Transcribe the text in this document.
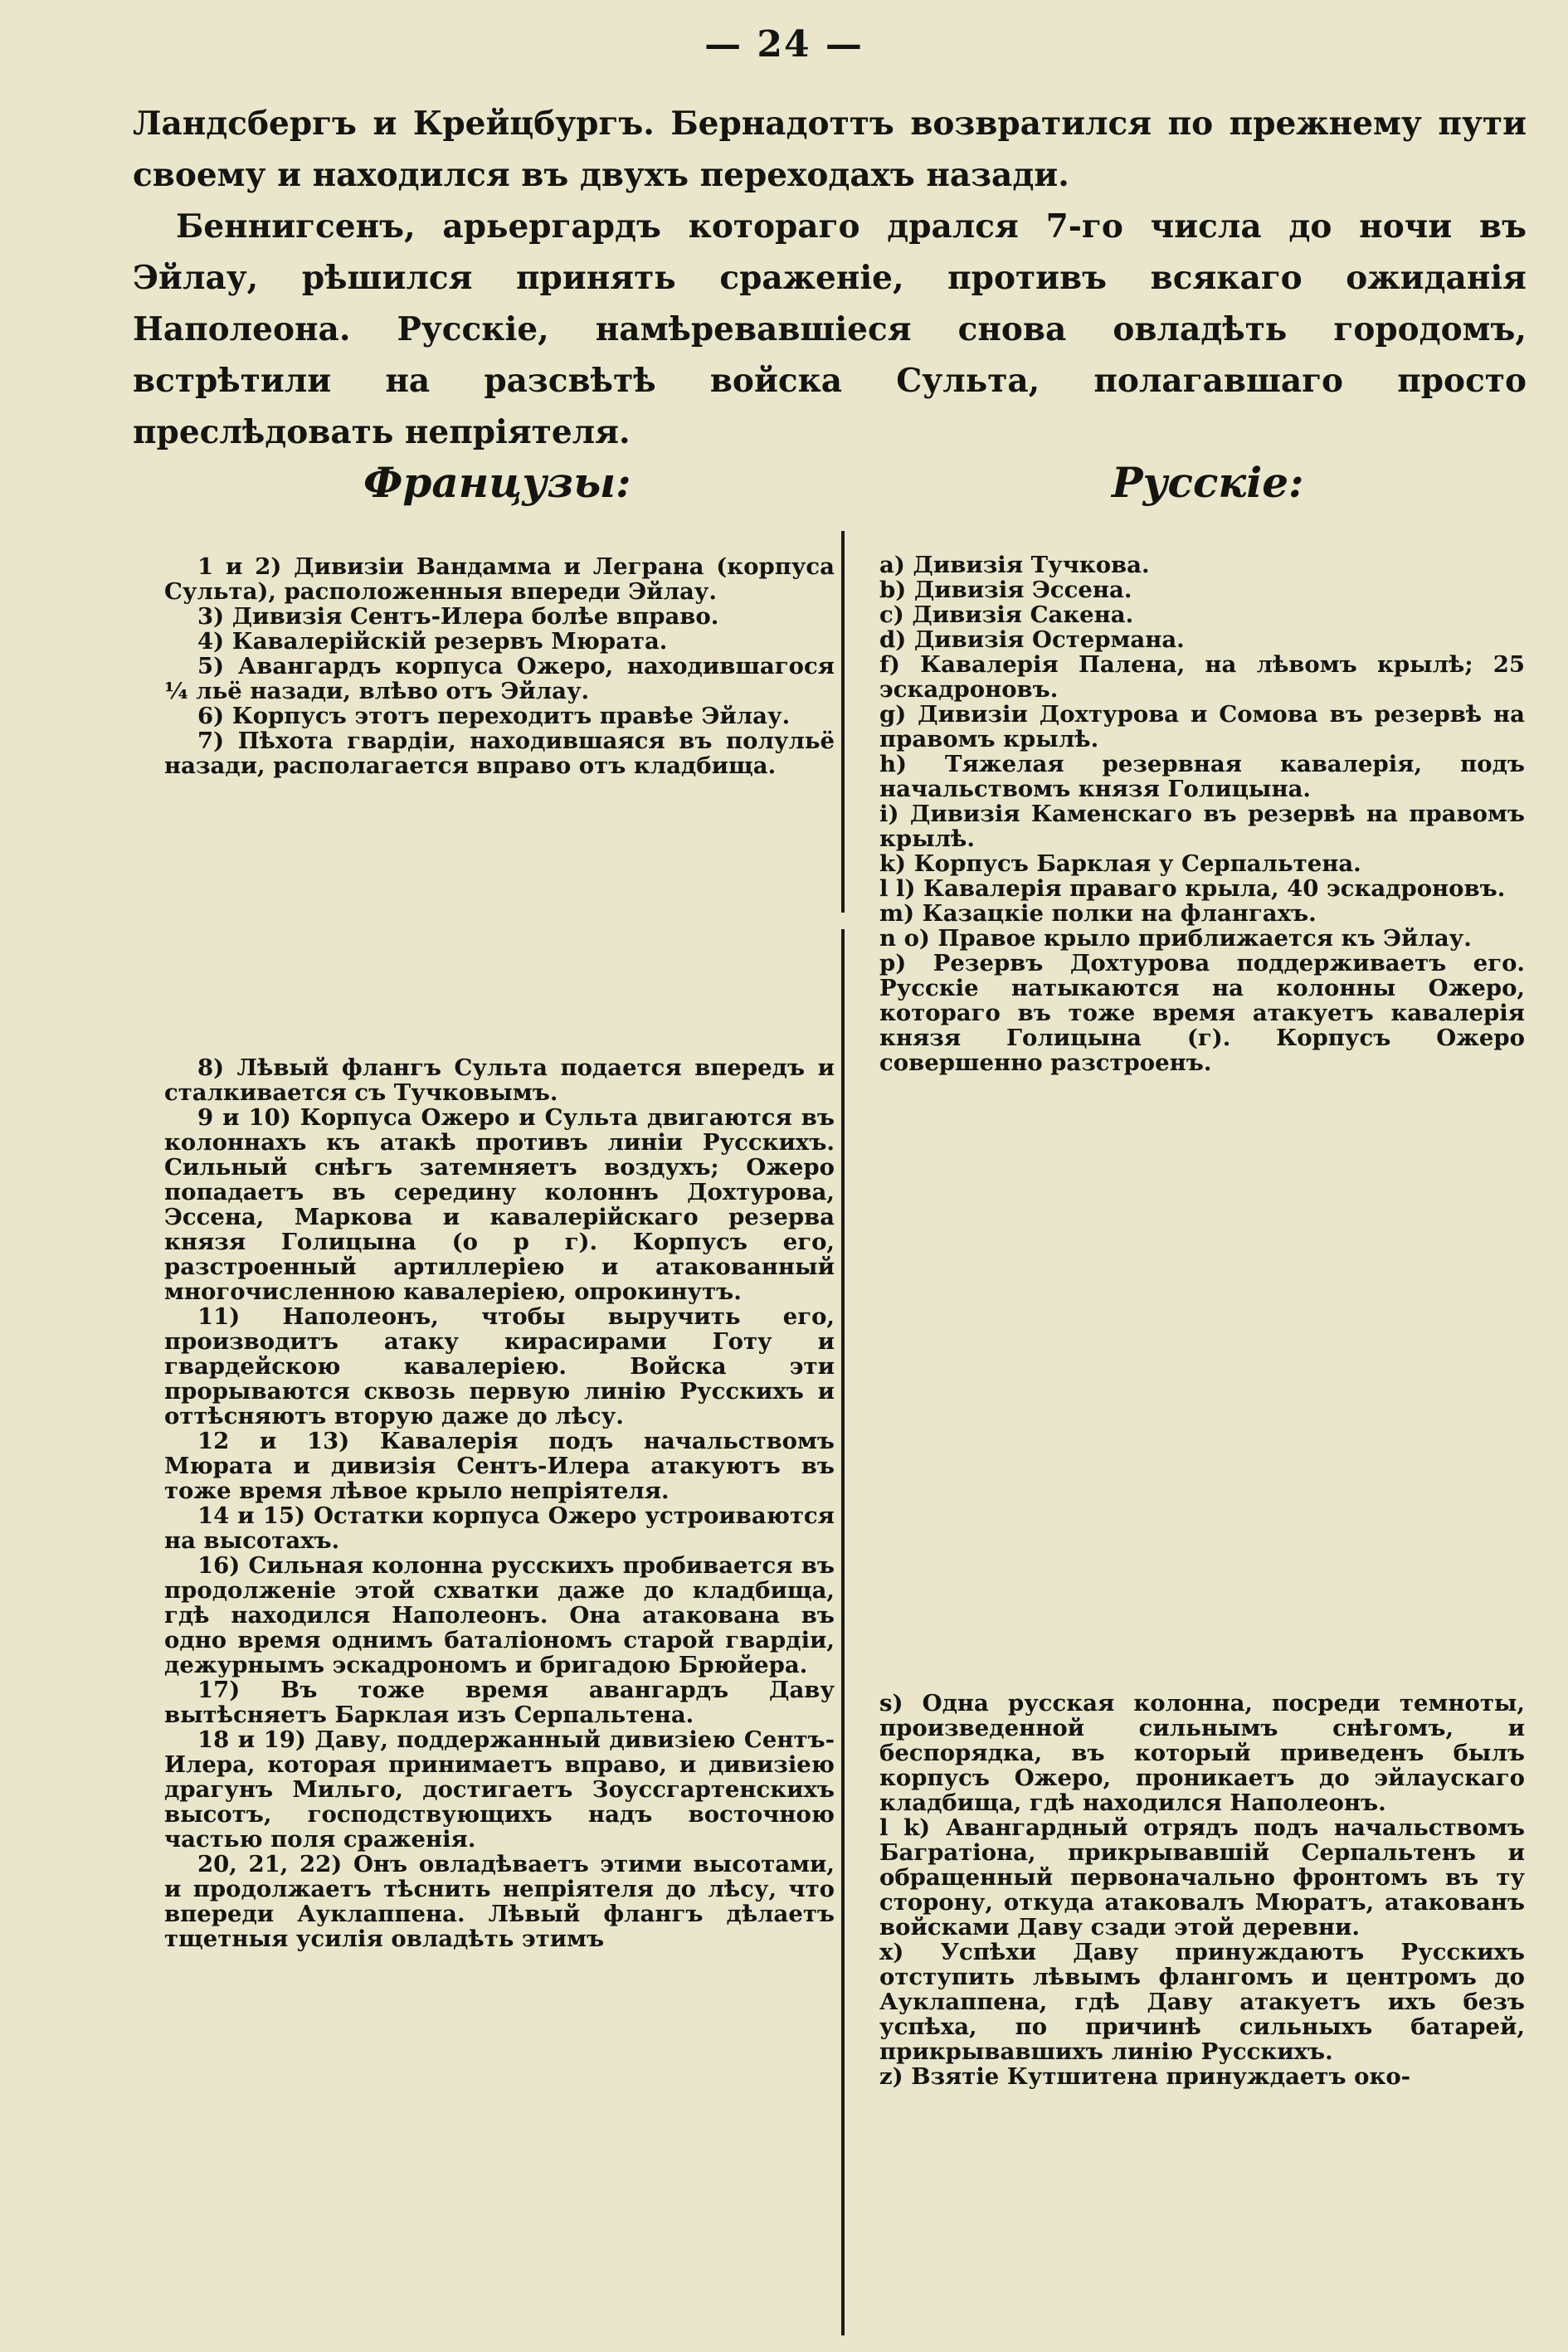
— 24 —

Ландсбергъ и Крейцбургъ. Бернадоттъ возвратился по прежнему пути своему и находился въ двухъ переходахъ назади.

Беннигсенъ, арьергардъ котораго дрался 7-го числа до ночи въ Эйлау, рѣшился принять сраженіе, противъ всякаго ожиданія Наполеона. Русскіе, намѣревавшіеся снова овладѣть городомъ, встрѣтили на разсвѣтѣ войска Сульта, полагавшаго просто преслѣдовать непріятеля.

Французы:	Русскіе:

1 и 2) Дивизіи Вандамма и Леграна (корпуса Сульта), расположенныя впереди Эйлау.

3) Дивизія Сентъ-Илера болѣе вправо.

4) Кавалерійскій резервъ Мюрата.

5) Авангардъ корпуса Ожеро, находившагося ¼ льё назади, влѣво отъ Эйлау.

6) Корпусъ этотъ переходитъ правѣе Эйлау.

7) Пѣхота гвардіи, находившаяся въ полульё назади, располагается вправо отъ кладбища.

8) Лѣвый флангъ Сульта подается впередъ и сталкивается съ Тучковымъ.

9 и 10) Корпуса Ожеро и Сульта двигаются въ колоннахъ къ атакѣ противъ линіи Русскихъ. Сильный снѣгъ затемняетъ воздухъ; Ожеро попадаетъ въ середину колоннъ Дохтурова, Эссена, Маркова и кавалерійскаго резерва князя Голицына (о р г). Корпусъ его, разстроенный артиллеріею и атакованный многочисленною кавалеріею, опрокинутъ.

11) Наполеонъ, чтобы выручить его, производитъ атаку кирасирами Готу и гвардейскою кавалеріею. Войска эти прорываются сквозь первую линію Русскихъ и оттѣсняютъ вторую даже до лѣсу.

12 и 13) Кавалерія подъ начальствомъ Мюрата и дивизія Сентъ-Илера атакуютъ въ тоже время лѣвое крыло непріятеля.

14 и 15) Остатки корпуса Ожеро устроиваются на высотахъ.

16) Сильная колонна русскихъ пробивается въ продолженіе этой схватки даже до кладбища, гдѣ находился Наполеонъ. Она атакована въ одно время однимъ баталіономъ старой гвардіи, дежурнымъ эскадрономъ и бригадою Брюйера.

17) Въ тоже время авангардъ Даву вытѣсняетъ Барклая изъ Серпальтена.

18 и 19) Даву, поддержанный дивизіею Сентъ-Илера, которая принимаетъ вправо, и дивизіею драгунъ Мильго, достигаетъ Зоуссгартенскихъ высотъ, господствующихъ надъ восточною частью поля сраженія.

20, 21, 22) Онъ овладѣваетъ этими высотами, и продолжаетъ тѣснить непріятеля до лѣсу, что впереди Ауклаппена. Лѣвый флангъ дѣлаетъ тщетныя усилія овладѣть этимъ

a) Дивизія Тучкова.

b) Дивизія Эссена.

c) Дивизія Сакена.

d) Дивизія Остермана.

f) Кавалерія Палена, на лѣвомъ крылѣ; 25 эскадроновъ.

g) Дивизіи Дохтурова и Сомова въ резервѣ на правомъ крылѣ.

h) Тяжелая резервная кавалерія, подъ начальствомъ князя Голицына.

i) Дивизія Каменскаго въ резервѣ на правомъ крылѣ.

k) Корпусъ Барклая у Серпальтена.

l l) Кавалерія праваго крыла, 40 эскадроновъ.

m) Казацкіе полки на флангахъ.

n o) Правое крыло приближается къ Эйлау.

p) Резервъ Дохтурова поддерживаетъ его. Русскіе натыкаются на колонны Ожеро, котораго въ тоже время атакуетъ кавалерія князя Голицына (г). Корпусъ Ожеро совершенно разстроенъ.

s) Одна русская колонна, посреди темноты, произведенной сильнымъ снѣгомъ, и беспорядка, въ который приведенъ былъ корпусъ Ожеро, проникаетъ до эйлаускаго кладбища, гдѣ находился Наполеонъ.

l k) Авангардный отрядъ подъ начальствомъ Багратіона, прикрывавшій Серпальтенъ и обращенный первоначально фронтомъ въ ту сторону, откуда атаковалъ Мюратъ, атакованъ войсками Даву сзади этой деревни.

x) Успѣхи Даву принуждаютъ Русскихъ отступить лѣвымъ флангомъ и центромъ до Ауклаппена, гдѣ Даву атакуетъ ихъ безъ успѣха, по причинѣ сильныхъ батарей, прикрывавшихъ линію Русскихъ.

z) Взятіе Кутшитена принуждаетъ око-
